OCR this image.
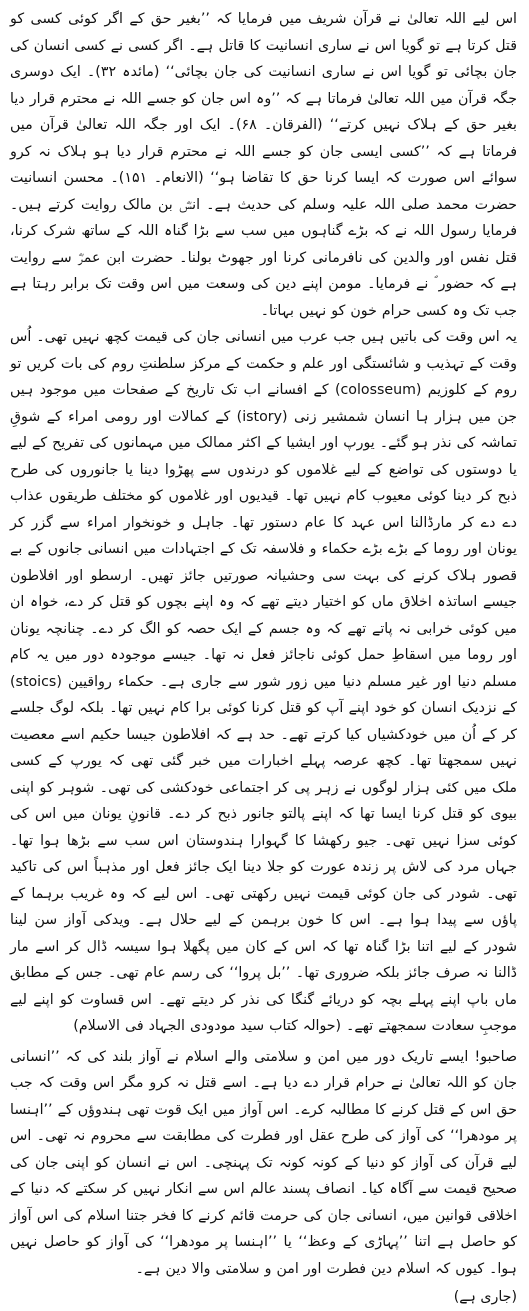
اس لیے اللہ تعالیٰ نے قرآن شریف میں فرمایا کہ ’’بغیر حق کے اگر کوئی کسی کو قتل کرتا ہے تو گویا اس نے ساری انسانیت کا قاتل ہے۔ اگر کسی نے کسی انسان کی جان بچائی تو گویا اس نے ساری انسانیت کی جان بچائی‘‘ (مائدہ ۳۲)۔ ایک دوسری جگہ قرآن میں اللہ تعالیٰ فرماتا ہے کہ ’’وہ اس جان کو جسے اللہ نے محترم قرار دیا بغیر حق کے ہلاک نہیں کرتے‘‘ (الفرقان۔ ۶۸)۔ ایک اور جگہ اللہ تعالیٰ قرآن میں فرماتا ہے کہ ’’کسی ایسی جان کو جسے اللہ نے محترم قرار دیا ہو ہلاک نہ کرو سوائے اس صورت کہ ایسا کرنا حق کا تقاضا ہو‘‘ (الانعام۔ ۱۵۱)۔ محسن انسانیت حضرت محمد صلی اللہ علیہ وسلم کی حدیث ہے۔ انسؓ بن مالک روایت کرتے ہیں۔ فرمایا رسول اللہ نے کہ بڑے گناہوں میں سب سے بڑا گناہ اللہ کے ساتھ شرک کرنا، قتل نفس اور والدین کی نافرمانی کرنا اور جھوٹ بولنا۔ حضرت ابن عمرؓ سے روایت ہے کہ حضور ؐ نے فرمایا۔ مومن اپنے دین کی وسعت میں اس وقت تک برابر رہتا ہے جب تک وہ کسی حرام خون کو نہیں بہاتا۔

یہ اس وقت کی باتیں ہیں جب عرب میں انسانی جان کی قیمت کچھ نہیں تھی۔ اُس وقت کے تہذیب و شائستگی اور علم و حکمت کے مرکز سلطنتِ روم کی بات کریں تو روم کے کلوزیم (colosseum) کے افسانے اب تک تاریخ کے صفحات میں موجود ہیں جن میں ہزار ہا انسان شمشیر زنی (istory) کے کمالات اور رومی امراء کے شوقِ تماشہ کی نذر ہو گئے۔ یورپ اور ایشیا کے اکثر ممالک میں مہمانوں کی تفریح کے لیے یا دوستوں کی تواضع کے لیے غلاموں کو درندوں سے پھڑوا دینا یا جانوروں کی طرح ذبح کر دینا کوئی معیوب کام نہیں تھا۔ قیدیوں اور غلاموں کو مختلف طریقوں عذاب دے دے کر مارڈالنا اس عہد کا عام دستور تھا۔ جاہل و خونخوار امراء سے گزر کر یونان اور روما کے بڑے بڑے حکماء و فلاسفہ تک کے اجتہادات میں انسانی جانوں کے بے قصور ہلاک کرنے کی بہت سی وحشیانہ صورتیں جائز تھیں۔ ارسطو اور افلاطون جیسے اساتذہ اخلاق ماں کو اختیار دیتے تھے کہ وہ اپنے بچوں کو قتل کر دے، خواہ ان میں کوئی خرابی نہ پاتے تھے کہ وہ جسم کے ایک حصہ کو الگ کر دے۔ چنانچہ یونان اور روما میں اسقاطِ حمل کوئی ناجائز فعل نہ تھا۔ جیسے موجودہ دور میں یہ کام مسلم دنیا اور غیر مسلم دنیا میں زور شور سے جاری ہے۔ حکماء رواقیین (stoics) کے نزدیک انسان کو خود اپنے آپ کو قتل کرنا کوئی برا کام نہیں تھا۔ بلکہ لوگ جلسے کر کے اُن میں خودکشیاں کیا کرتے تھے۔ حد ہے کہ افلاطون جیسا حکیم اسے معصیت نہیں سمجھتا تھا۔ کچھ عرصہ پہلے اخبارات میں خبر گئی تھی کہ یورپ کے کسی ملک میں کئی ہزار لوگوں نے زہر پی کر اجتماعی خودکشی کی تھی۔ شوہر کو اپنی بیوی کو قتل کرنا ایسا تھا کہ اپنے پالتو جانور ذبح کر دے۔ قانونِ یونان میں اس کی کوئی سزا نہیں تھی۔ جیو رکھشا کا گہوارا ہندوستان اس سب سے بڑھا ہوا تھا۔ جہاں مرد کی لاش پر زندہ عورت کو جلا دینا ایک جائز فعل اور مذہباً اس کی تاکید تھی۔ شودر کی جان کوئی قیمت نہیں رکھتی تھی۔ اس لیے کہ وہ غریب برہما کے پاؤں سے پیدا ہوا ہے۔ اس کا خون برہمن کے لیے حلال ہے۔ ویدکی آواز سن لینا شودر کے لیے اتنا بڑا گناہ تھا کہ اس کے کان میں پگھلا ہوا سیسہ ڈال کر اسے مار ڈالنا نہ صرف جائز بلکہ ضروری تھا۔ ’’بل پروا‘‘ کی رسم عام تھی۔ جس کے مطابق ماں باپ اپنے پہلے بچہ کو دریائے گنگا کی نذر کر دیتے تھے۔ اس قساوت کو اپنے لیے موجبِ سعادت سمجھتے تھے۔ (حوالہ کتاب سید مودودی الجہاد فی الاسلام)

صاحبو! ایسے تاریک دور میں امن و سلامتی والے اسلام نے آواز بلند کی کہ ’’انسانی جان کو اللہ تعالیٰ نے حرام قرار دے دیا ہے۔ اسے قتل نہ کرو مگر اس وقت کہ جب حق اس کے قتل کرنے کا مطالبہ کرے۔ اس آواز میں ایک قوت تھی ہندوؤں کے ’’اہنسا پر مودھرا‘‘ کی آواز کی طرح عقل اور فطرت کی مطابقت سے محروم نہ تھی۔ اس لیے قرآن کی آواز کو دنیا کے کونہ کونہ تک پہنچی۔ اس نے انسان کو اپنی جان کی صحیح قیمت سے آگاہ کیا۔ انصاف پسند عالم اس سے انکار نہیں کر سکتے کہ دنیا کے اخلاقی قوانین میں، انسانی جان کی حرمت قائم کرنے کا فخر جتنا اسلام کی اس آواز کو حاصل ہے اتنا ’’پہاڑی کے وعظ‘‘ یا ’’اہنسا پر مودھرا‘‘ کی آواز کو حاصل نہیں ہوا۔ کیوں کہ اسلام دین فطرت اور امن و سلامتی والا دین ہے۔

(جاری ہے)
